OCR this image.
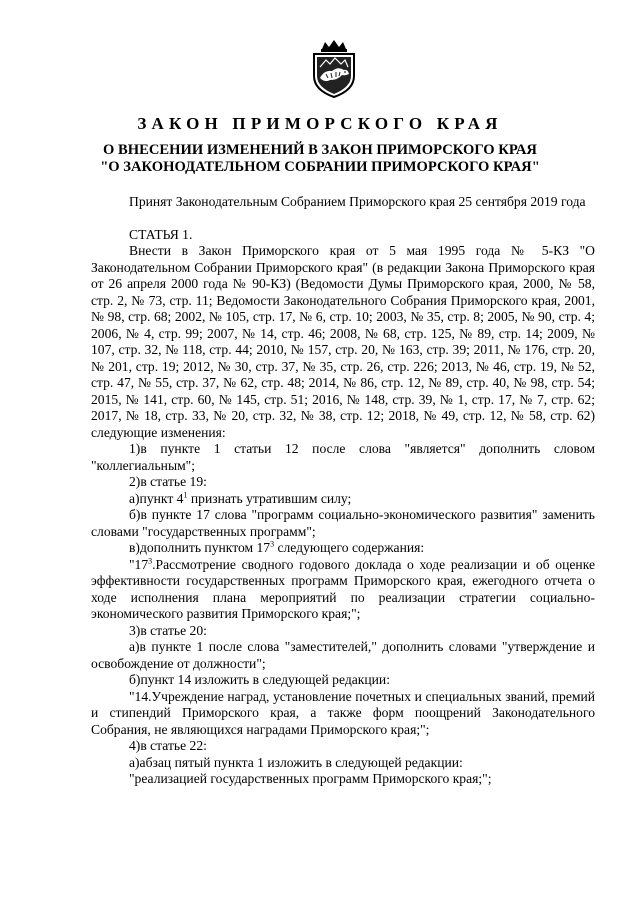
ЗАКОН ПРИМОРСКОГО КРАЯ
О ВНЕСЕНИИ ИЗМЕНЕНИЙ В ЗАКОН ПРИМОРСКОГО КРАЯ
"О ЗАКОНОДАТЕЛЬНОМ СОБРАНИИ ПРИМОРСКОГО КРАЯ"

Принят Законодательным Собранием Приморского края 25 сентября 2019 года

СТАТЬЯ 1.

Внести в Закон Приморского края от 5 мая 1995 года № 5-КЗ "О Законодательном Собрании Приморского края" (в редакции Закона Приморского края от 26 апреля 2000 года № 90-КЗ) (Ведомости Думы Приморского края, 2000, № 58, стр. 2, № 73, стр. 11; Ведомости Законодательного Собрания Приморского края, 2001, № 98, стр. 68; 2002, № 105, стр. 17, № 6, стр. 10; 2003, № 35, стр. 8; 2005, № 90, стр. 4; 2006, № 4, стр. 99; 2007, № 14, стр. 46; 2008, № 68, стр. 125, № 89, стр. 14; 2009, № 107, стр. 32, № 118, стр. 44; 2010, № 157, стр. 20, № 163, стр. 39; 2011, № 176, стр. 20, № 201, стр. 19; 2012, № 30, стр. 37, № 35, стр. 26, стр. 226; 2013, № 46, стр. 19, № 52, стр. 47, № 55, стр. 37, № 62, стр. 48; 2014, № 86, стр. 12, № 89, стр. 40, № 98, стр. 54; 2015, № 141, стр. 60, № 145, стр. 51; 2016, № 148, стр. 39, № 1, стр. 17, № 7, стр. 62; 2017, № 18, стр. 33, № 20, стр. 32, № 38, стр. 12; 2018, № 49, стр. 12, № 58, стр. 62) следующие изменения:

1)в пункте 1 статьи 12 после слова "является" дополнить словом "коллегиальным";

2)в статье 19:

а)пункт $4^1$ признать утратившим силу;

б)в пункте 17 слова "программ социально-экономического развития" заменить словами "государственных программ";

в)дополнить пунктом $17^3$ следующего содержания:

"$17^3.Рассмотрение$ сводного годового доклада о ходе реализации и об оценке эффективности государственных программ Приморского края, ежегодного отчета о ходе исполнения плана мероприятий по реализации стратегии социально-экономического развития Приморского края;";

3)в статье 20:

а)в пункте 1 после слова "заместителей," дополнить словами "утверждение и освобождение от должности";

б)пункт 14 изложить в следующей редакции:

"14.Учреждение наград, установление почетных и специальных званий, премий и стипендий Приморского края, а также форм поощрений Законодательного Собрания, не являющихся наградами Приморского края;";

4)в статье 22:

а)абзац пятый пункта 1 изложить в следующей редакции:

"реализацией государственных программ Приморского края;";
